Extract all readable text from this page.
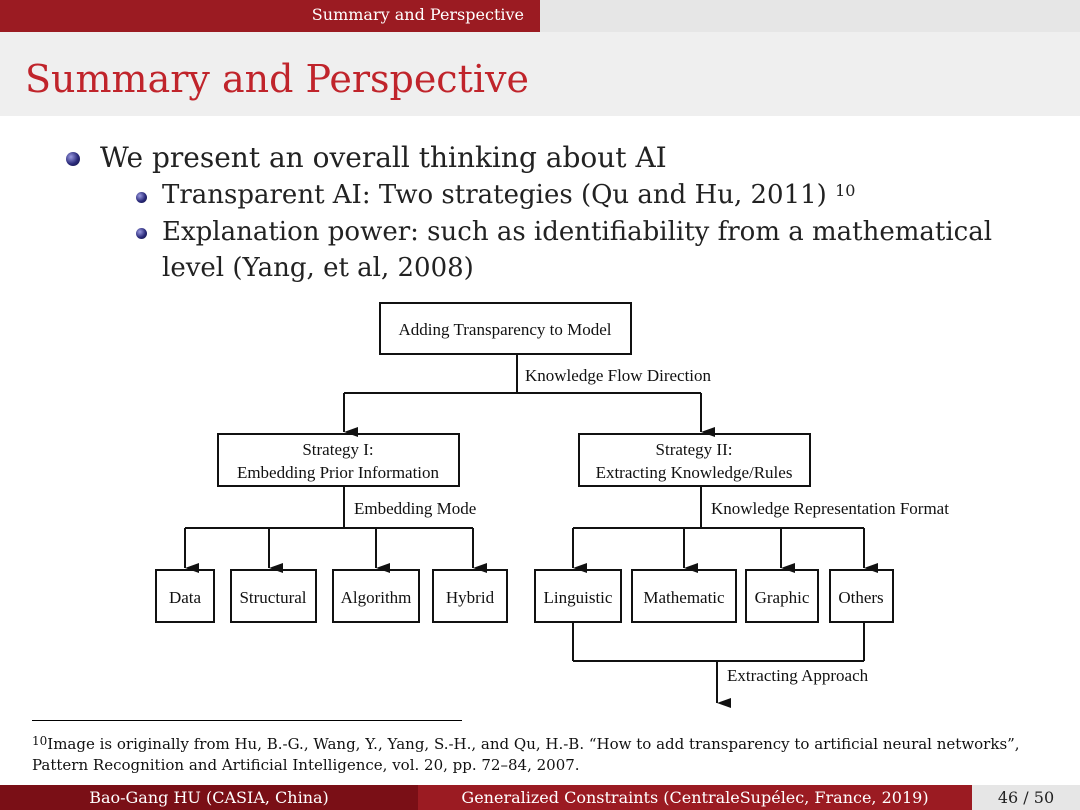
Summary and Perspective
Summary and Perspective
We present an overall thinking about AI
Transparent AI: Two strategies (Qu and Hu, 2011) $^{10}$
Explanation power: such as identifiability from a mathematical
level (Yang, et al, 2008)
Adding Transparency to Model
Knowledge Flow Direction
Strategy I:
Embedding Prior Information
Strategy II:
Extracting Knowledge/Rules
Embedding Mode	Knowledge Representation Format
Data Structural Algorithm Hybrid	Linguistic Mathematic Graphic Others
Extracting Approach
$^{10}$Image is originally from Hu, B.-G., Wang, Y., Yang, S.-H., and Qu, H.-B. “How to add transparency to artificial neural networks”, Pattern Recognition and Artificial Intelligence, vol. 20, pp. 72–84, 2007.
Bao-Gang HU (CASIA, China)	Generalized Constraints (CentraleSupélec, France, 2019)	46 / 50
